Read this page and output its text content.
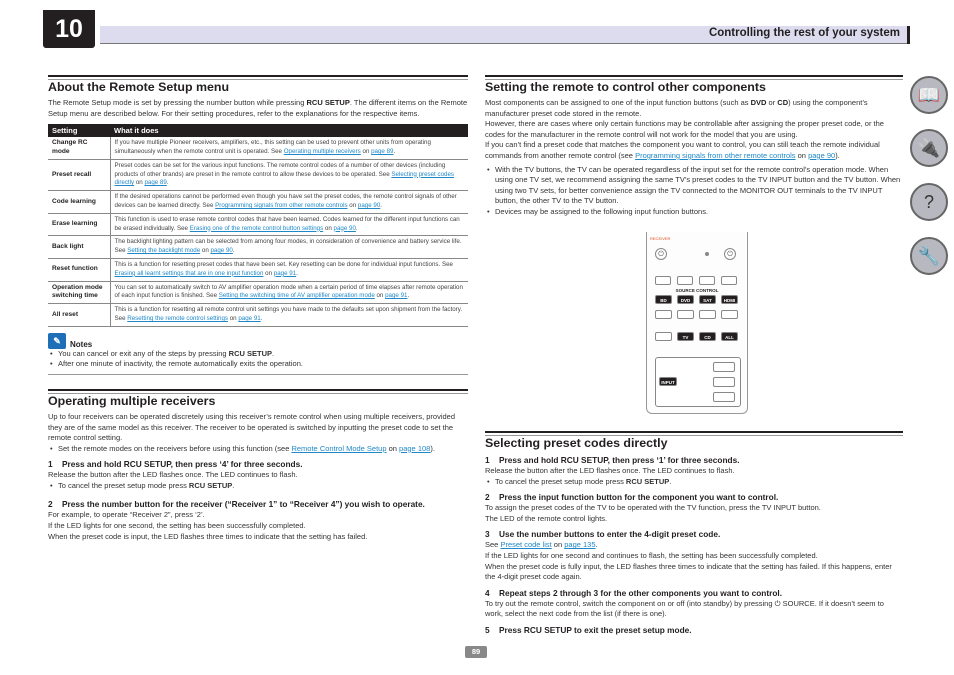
10	Controlling the rest of your system
About the Remote Setup menu
The Remote Setup mode is set by pressing the number button while pressing RCU SETUP. The different items on the Remote Setup menu are described below. For their setting procedures, refer to the explanations for the respective items.
Setting	What it does
Change RC mode	If you have multiple Pioneer receivers, amplifiers, etc., this setting can be used to prevent other units from operating simultaneously when the remote control unit is operated. See Operating multiple receivers on page 89.
Preset recall	Preset codes can be set for the various input functions. The remote control codes of a number of other devices (including products of other brands) are preset in the remote control to allow these devices to be operated. See Selecting preset codes directly on page 89.
Code learning	If the desired operations cannot be performed even though you have set the preset codes, the remote control signals of other devices can be learned directly. See Programming signals from other remote controls on page 90.
Erase learning	This function is used to erase remote control codes that have been learned. Codes learned for the different input functions can be erased individually. See Erasing one of the remote control button settings on page 90.
Back light	The backlight lighting pattern can be selected from among four modes, in consideration of convenience and battery service life. See Setting the backlight mode on page 90.
Reset function	This is a function for resetting preset codes that have been set. Key resetting can be done for individual input functions. See Erasing all learnt settings that are in one input function on page 91.
Operation mode switching time	You can set to automatically switch to AV amplifier operation mode when a certain period of time elapses after remote operation of each input function is finished. See Setting the switching time of AV amplifier operation mode on page 91.
All reset	This is a function for resetting all remote control unit settings you have made to the defaults set upon shipment from the factory. See Resetting the remote control settings on page 91.
✎	Notes
• You can cancel or exit any of the steps by pressing RCU SETUP.
• After one minute of inactivity, the remote automatically exits the operation.
Operating multiple receivers
Up to four receivers can be operated discretely using this receiver’s remote control when using multiple receivers, provided they are of the same model as this receiver. The receiver to be operated is switched by inputting the preset code to set the remote control setting.
• Set the remote modes on the receivers before using this function (see Remote Control Mode Setup on page 108).
1 Press and hold RCU SETUP, then press ‘4’ for three seconds.
Release the button after the LED flashes once. The LED continues to flash.
• To cancel the preset setup mode press RCU SETUP.
2 Press the number button for the receiver (“Receiver 1” to “Receiver 4”) you wish to operate.
For example, to operate “Receiver 2”, press ‘2’.
If the LED lights for one second, the setting has been successfully completed.
When the preset code is input, the LED flashes three times to indicate that the setting has failed.
Setting the remote to control other components
Most components can be assigned to one of the input function buttons (such as DVD or CD) using the component’s manufacturer preset code stored in the remote.
However, there are cases where only certain functions may be controllable after assigning the proper preset code, or the codes for the manufacturer in the remote control will not work for the model that you are using.
If you can’t find a preset code that matches the component you want to control, you can still teach the remote individual commands from another remote control (see Programming signals from other remote controls on page 90).
• With the TV buttons, the TV can be operated regardless of the input set for the remote control’s operation mode. When using one TV set, we recommend assigning the same TV’s preset codes to the TV INPUT button and the TV button. When using two TV sets, for better convenience assign the TV connected to the MONITOR OUT terminals to the TV INPUT button, the other TV to the TV button.
• Devices may be assigned to the following input function buttons.
Selecting preset codes directly
1 Press and hold RCU SETUP, then press ‘1’ for three seconds.
Release the button after the LED flashes once. The LED continues to flash.
• To cancel the preset setup mode press RCU SETUP.
2 Press the input function button for the component you want to control.
To assign the preset codes of the TV to be operated with the TV function, press the TV INPUT button.
The LED of the remote control lights.
3 Use the number buttons to enter the 4-digit preset code.
See Preset code list on page 135.
If the LED lights for one second and continues to flash, the setting has been successfully completed.
When the preset code is fully input, the LED flashes three times to indicate that the setting has failed. If this happens, enter the 4-digit preset code again.
4 Repeat steps 2 through 3 for the other components you want to control.
To try out the remote control, switch the component on or off (into standby) by pressing ⏻ SOURCE. If it doesn’t seem to work, select the next code from the list (if there is one).
5 Press RCU SETUP to exit the preset setup mode.
RECEIVER
⏻	⏻
SOURCE CONTROL
BD	DVD	SAT	HDMI
TV	CD	ALL
INPUT
📖
🔌
?
🔧
89
